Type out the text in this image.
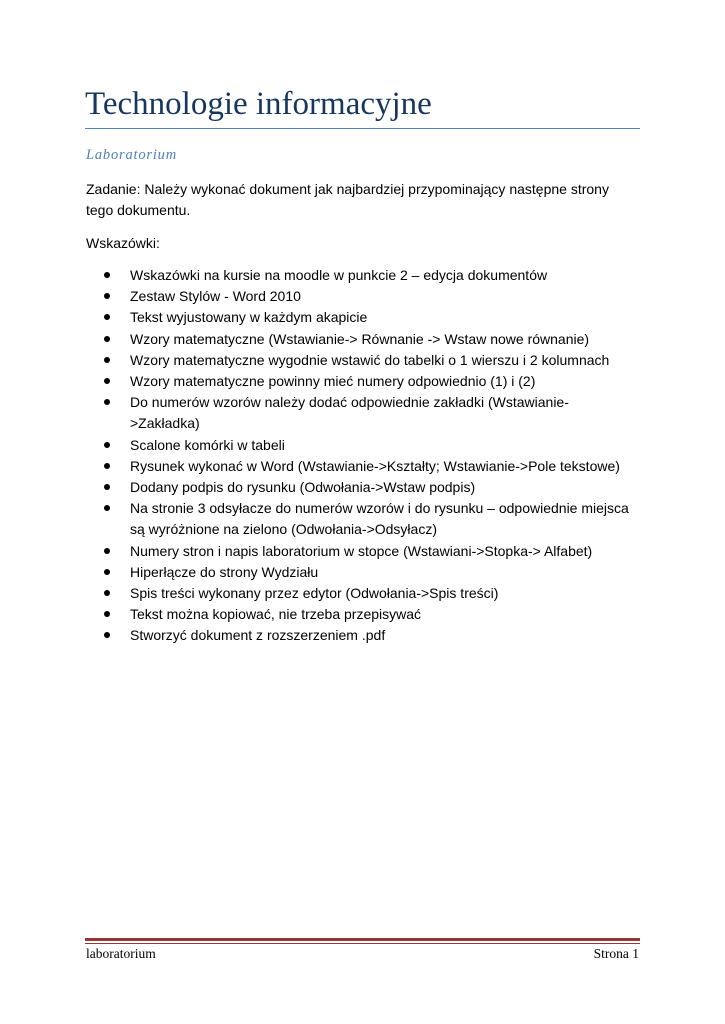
Technologie informacyjne

Laboratorium

Zadanie: Należy wykonać dokument jak najbardziej przypominający następne strony tego dokumentu.

Wskazówki:

Wskazówki na kursie na moodle w punkcie 2 – edycja dokumentów
Zestaw Stylów - Word 2010
Tekst wyjustowany w każdym akapicie
Wzory matematyczne (Wstawianie-> Równanie -> Wstaw nowe równanie)
Wzory matematyczne wygodnie wstawić do tabelki o 1 wierszu i 2 kolumnach
Wzory matematyczne powinny mieć numery odpowiednio (1) i (2)
Do numerów wzorów należy dodać odpowiednie zakładki (Wstawianie->Zakładka)
Scalone komórki w tabeli
Rysunek wykonać w Word (Wstawianie->Kształty; Wstawianie->Pole tekstowe)
Dodany podpis do rysunku (Odwołania->Wstaw podpis)
Na stronie 3 odsyłacze do numerów wzorów i do rysunku – odpowiednie miejsca są wyróżnione na zielono (Odwołania->Odsyłacz)
Numery stron i napis laboratorium w stopce (Wstawiani->Stopka-> Alfabet)
Hiperłącze do strony Wydziału
Spis treści wykonany przez edytor (Odwołania->Spis treści)
Tekst można kopiować, nie trzeba przepisywać
Stworzyć dokument z rozszerzeniem .pdf
laboratorium	Strona 1
